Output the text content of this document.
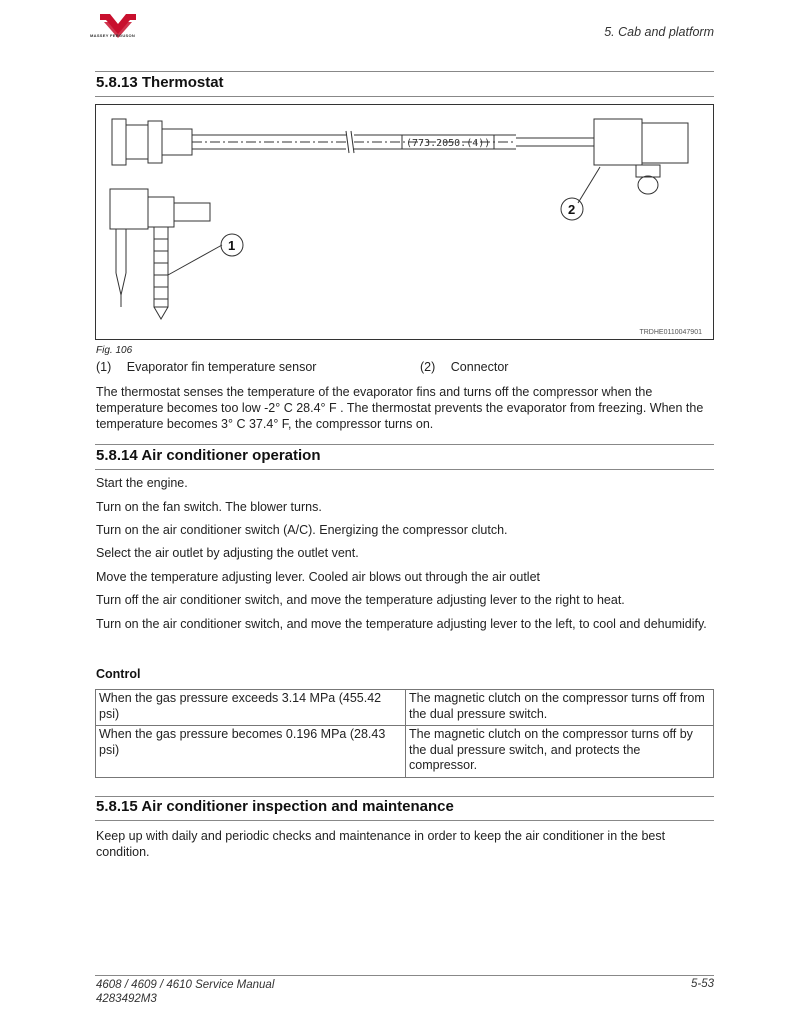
MASSEY FERGUSON	5. Cab and platform
5.8.13 Thermostat
(773.2050.(4))
1
2
TRDHE0110047901
Fig. 106
(1) Evaporator fin temperature sensor	(2) Connector
The thermostat senses the temperature of the evaporator fins and turns off the compressor when the temperature becomes too low -2° C 28.4° F . The thermostat prevents the evaporator from freezing. When the temperature becomes 3° C 37.4° F, the compressor turns on.
5.8.14 Air conditioner operation
Start the engine.
Turn on the fan switch. The blower turns.
Turn on the air conditioner switch (A/C). Energizing the compressor clutch.
Select the air outlet by adjusting the outlet vent.
Move the temperature adjusting lever. Cooled air blows out through the air outlet
Turn off the air conditioner switch, and move the temperature adjusting lever to the right to heat.
Turn on the air conditioner switch, and move the temperature adjusting lever to the left, to cool and dehumidify.
Control
When the gas pressure exceeds 3.14 MPa (455.42 psi)	The magnetic clutch on the compressor turns off from the dual pressure switch.
When the gas pressure becomes 0.196 MPa (28.43 psi)	The magnetic clutch on the compressor turns off by the dual pressure switch, and protects the compressor.
5.8.15 Air conditioner inspection and maintenance
Keep up with daily and periodic checks and maintenance in order to keep the air conditioner in the best condition.
4608 / 4609 / 4610 Service Manual
4283492M3
5-53
